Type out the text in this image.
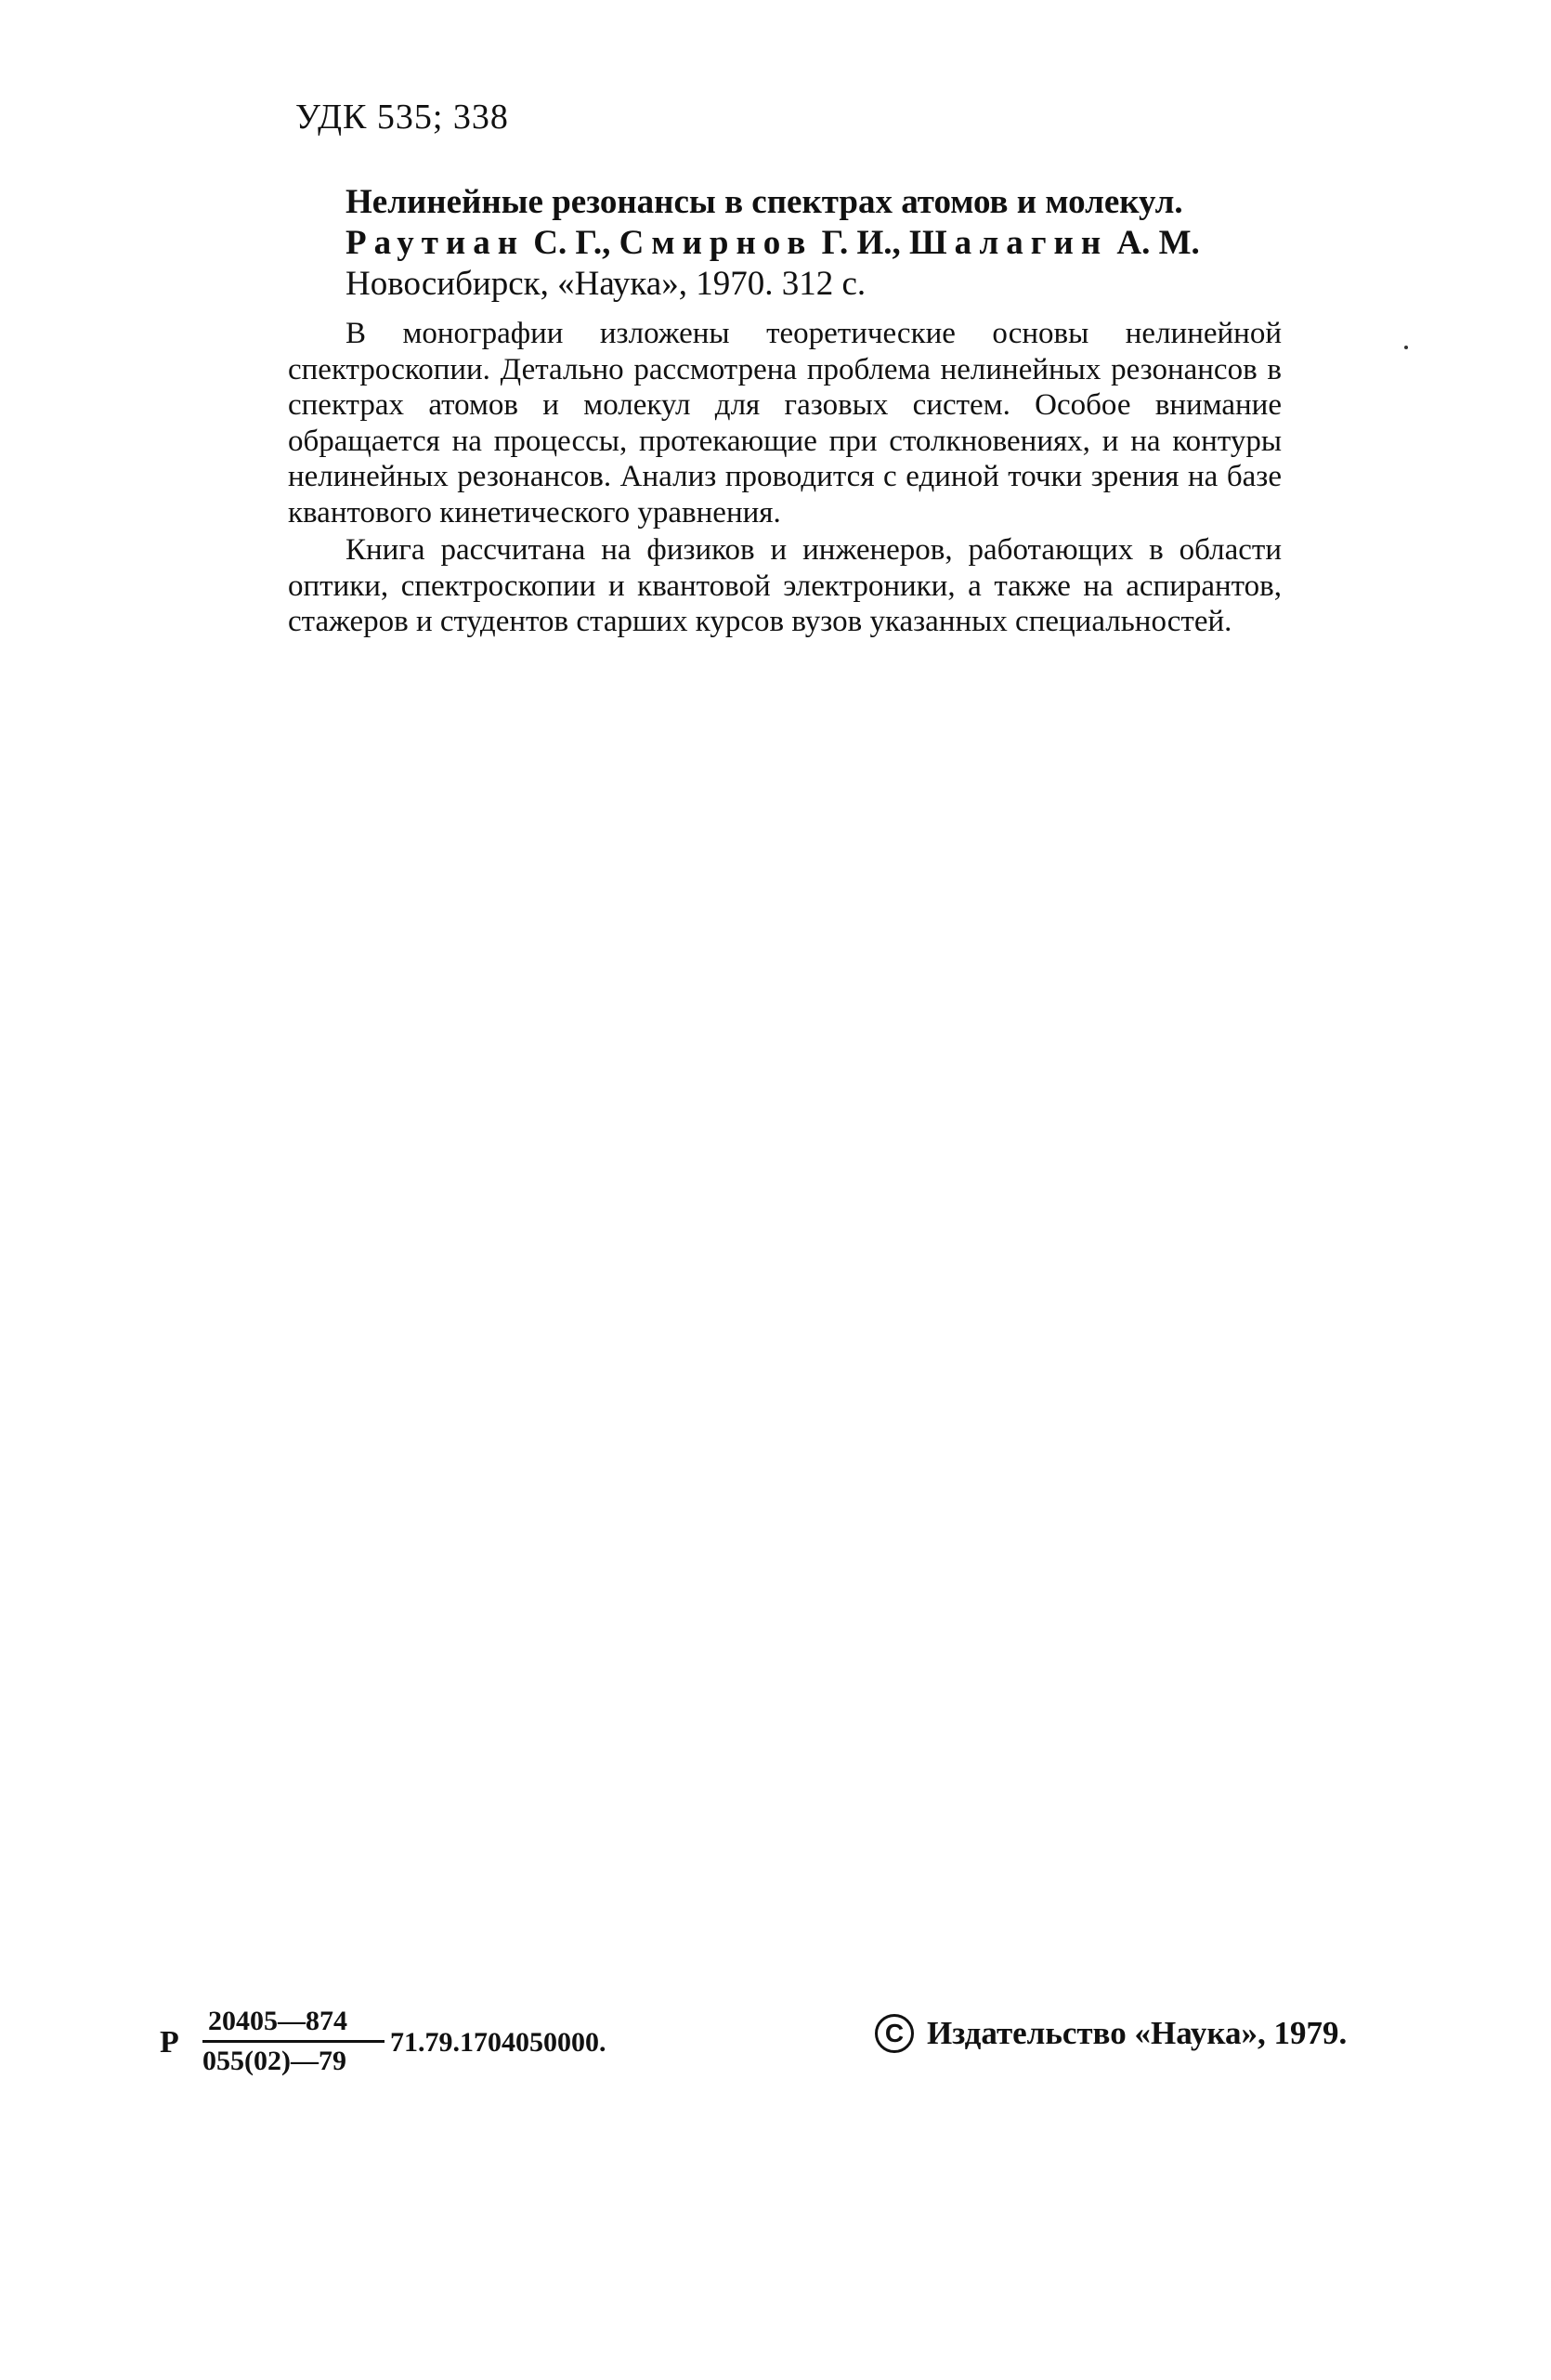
УДК 535; 338
Нелинейные резонансы в спектрах атомов и молекул.
Раутиан С. Г., Смирнов Г. И., Шалагин А. М.
Новосибирск, «Наука», 1970. 312 с.

В монографии изложены теоретические основы нелинейной спектроскопии. Детально рассмотрена проблема нелинейных резонансов в спектрах атомов и молекул для газовых систем. Особое внимание обращается на процессы, протекающие при столкновениях, и на контуры нелинейных резонансов. Анализ проводится с единой точки зрения на базе квантового кинетического уравнения.

Книга рассчитана на физиков и инженеров, работающих в области оптики, спектроскопии и квантовой электроники, а также на аспирантов, стажеров и студентов старших курсов вузов указанных специальностей.

Р
20405—874
055(02)—79
71.79.1704050000.	C Издательство «Наука», 1979.
